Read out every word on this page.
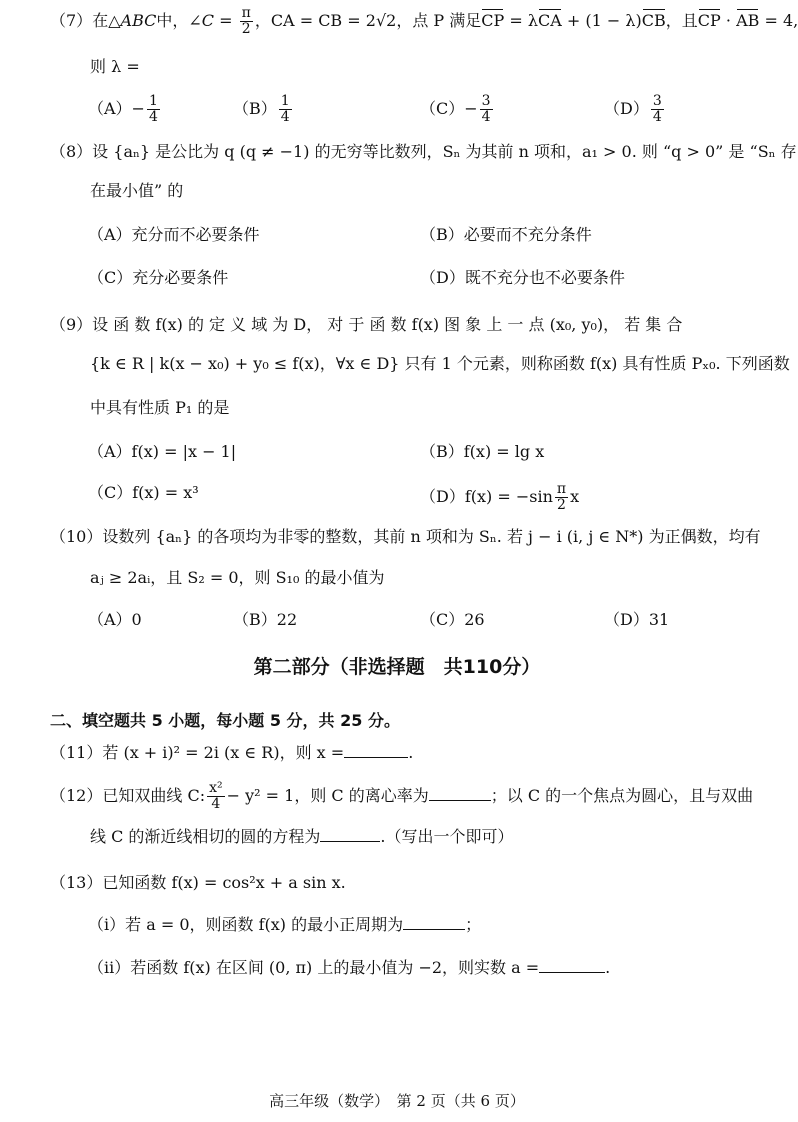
（7）在△ABC中，∠C = $\frac{\pi}{2}$ ，CA = CB = 2√2，点 P 满足CP = λCA + (1 − λ)CB，且CP · AB = 4,
则 λ =
$(A)- \frac{1}{4}$	$(B) \frac{1}{4}$	$(C)- \frac{3}{4}$	$(D) \frac{3}{4}$
（8）设 {aₙ} 是公比为 q (q ≠ −1) 的无穷等比数列，Sₙ 为其前 n 项和，a₁ > 0. 则 “q > 0” 是 “Sₙ 存
在最小值” 的
（A）充分而不必要条件	（B）必要而不充分条件
（C）充分必要条件	（D）既不充分也不必要条件
（9）设 函 数 f(x) 的 定 义 域 为 D， 对 于 函 数 f(x) 图 象 上 一 点 (x₀, y₀)， 若 集 合
{k ∈ R | k(x − x₀) + y₀ ≤ f(x)，∀x ∈ D} 只有 1 个元素，则称函数 f(x) 具有性质 Pₓ₀. 下列函数
中具有性质 P₁ 的是
（A）f(x) = |x − 1|	（B）f(x) = lg x
（C）f(x) = x³	$(D)f(x) = -\sin \frac{\pi}{2}$ x
（10）设数列 {aₙ} 的各项均为非零的整数，其前 n 项和为 Sₙ. 若 j − i (i, j ∈ N*) 为正偶数，均有
aⱼ ≥ 2aᵢ，且 S₂ = 0，则 S₁₀ 的最小值为
（A）0	（B）22	（C）26	（D）31
第二部分（非选择题　共110分）
二、填空题共 5 小题，每小题 5 分，共 25 分。
（11）若 (x + i)² = 2i (x ∈ R)，则 x =	.
（12）已知双曲线 C: $\frac{\text{x²}}{4} - y^2 = 1$，则 C 的离心率为	；以 C 的一个焦点为圆心，且与双曲
线 C 的渐近线相切的圆的方程为	.（写出一个即可）
（13）已知函数 f(x) = cos²x + a sin x.
（ⅰ）若 a = 0，则函数 f(x) 的最小正周期为	；
（ⅱ）若函数 f(x) 在区间 (0, π) 上的最小值为 −2，则实数 a =	.
高三年级（数学）　第 2 页（共 6 页）
